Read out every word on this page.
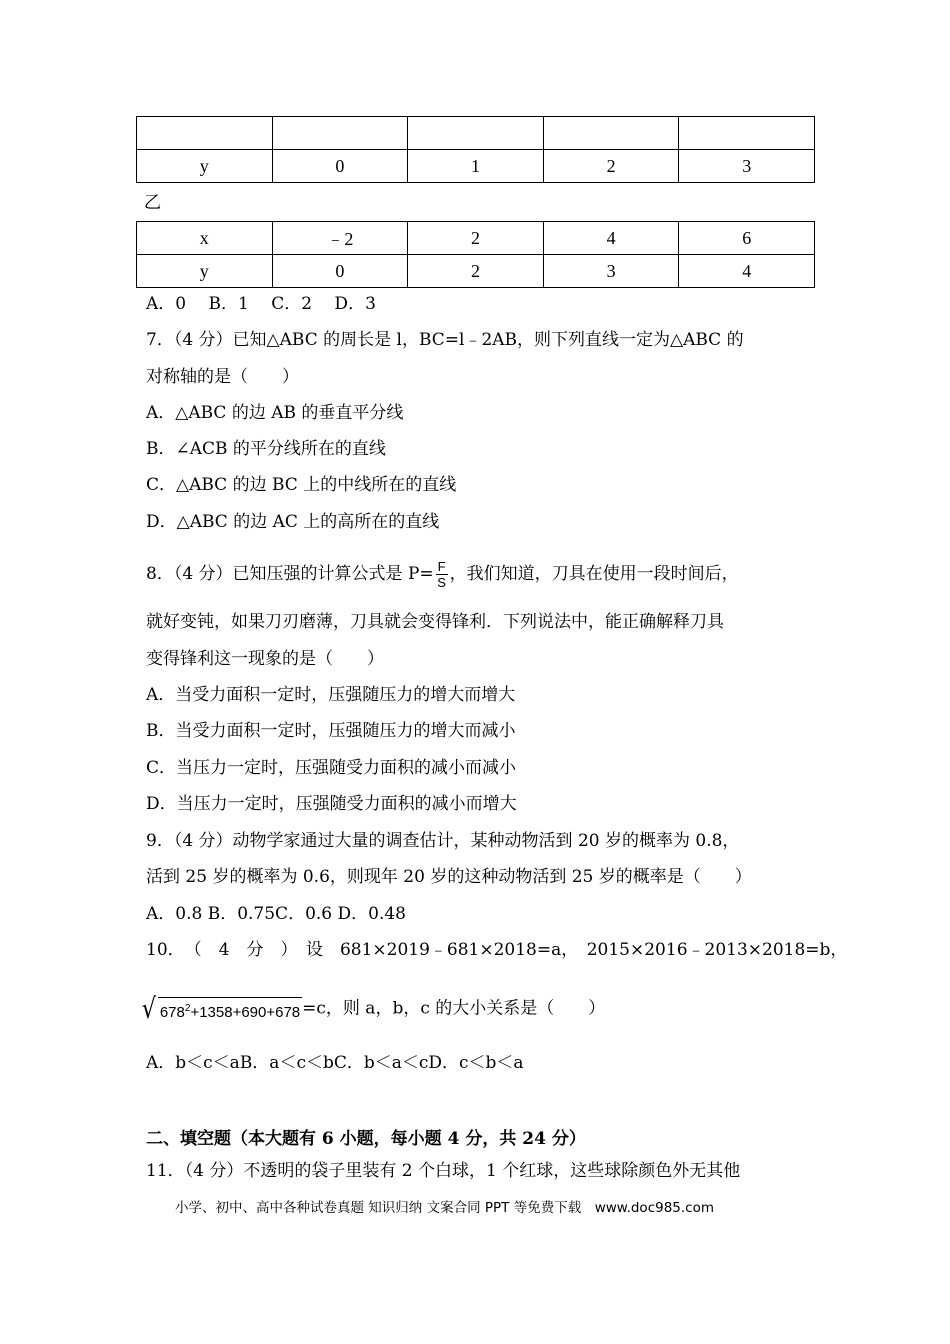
y	0	1	2	3
乙
x	﹣2	2	4	6
y	0	2	3	4
A．0　 B．1　 C．2　 D．3
7．（4 分）已知△ABC 的周长是 l，BC=l﹣2AB，则下列直线一定为△ABC 的
对称轴的是（　　）
A．△ABC 的边 AB 的垂直平分线
B．∠ACB 的平分线所在的直线
C．△ABC 的边 BC 上的中线所在的直线
D．△ABC 的边 AC 上的高所在的直线
8．（4 分）已知压强的计算公式是 $P= \frac{F}{S}$ ，我们知道，刀具在使用一段时间后，
就好变钝，如果刀刃磨薄，刀具就会变得锋利．下列说法中，能正确解释刀具
变得锋利这一现象的是（　　）
A．当受力面积一定时，压强随压力的增大而增大
B．当受力面积一定时，压强随压力的增大而减小
C．当压力一定时，压强随受力面积的减小而减小
D．当压力一定时，压强随受力面积的减小而增大
9．（4 分）动物学家通过大量的调查估计，某种动物活到 20 岁的概率为 0.8，
活到 25 岁的概率为 0.6，则现年 20 岁的这种动物活到 25 岁的概率是（　　）
A．0.8 B．0.75C．0.6 D．0.48
10．　（　4　分　）　设　681×2019﹣681×2018=a，　2015×2016﹣2013×2018=b，
√ $678^2+1358+690+678 =c$，则 a，b，c 的大小关系是（　　）
A．b＜c＜aB．a＜c＜bC．b＜a＜cD．c＜b＜a
二、填空题（本大题有 6 小题，每小题 4 分，共 24 分）
11．（4 分）不透明的袋子里装有 2 个白球，1 个红球，这些球除颜色外无其他
小学、初中、高中各种试卷真题 知识归纳 文案合同 PPT 等免费下载　www.doc985.com
